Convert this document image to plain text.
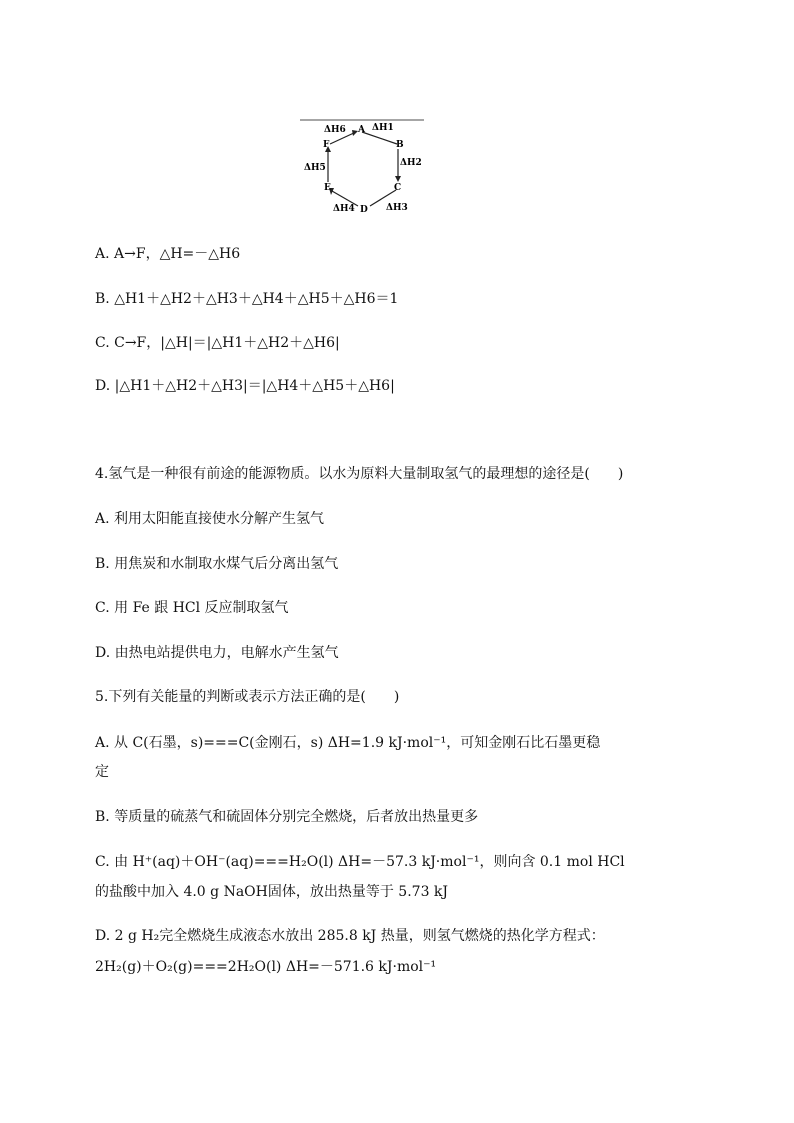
A
B
C
D
E
F
ΔH1
ΔH2
ΔH3
ΔH4
ΔH5
ΔH6
A. A→F，△H=－△H6
B. △H1＋△H2＋△H3＋△H4＋△H5＋△H6＝1
C. C→F，|△H|＝|△H1＋△H2＋△H6|
D. |△H1＋△H2＋△H3|＝|△H4＋△H5＋△H6|
4.氢气是一种很有前途的能源物质。以水为原料大量制取氢气的最理想的途径是(　　)
A. 利用太阳能直接使水分解产生氢气
B. 用焦炭和水制取水煤气后分离出氢气
C. 用 Fe 跟 HCl 反应制取氢气
D. 由热电站提供电力，电解水产生氢气
5.下列有关能量的判断或表示方法正确的是(　　)
A. 从 C(石墨，s)===C(金刚石，s) ΔH=1.9 kJ·mol⁻¹，可知金刚石比石墨更稳
定
B. 等质量的硫蒸气和硫固体分别完全燃烧，后者放出热量更多
C. 由 H⁺(aq)＋OH⁻(aq)===H₂O(l) ΔH=－57.3 kJ·mol⁻¹，则向含 0.1 mol HCl
的盐酸中加入 4.0 g NaOH固体，放出热量等于 5.73 kJ
D. 2 g H₂完全燃烧生成液态水放出 285.8 kJ 热量，则氢气燃烧的热化学方程式：
2H₂(g)＋O₂(g)===2H₂O(l) ΔH=－571.6 kJ·mol⁻¹
